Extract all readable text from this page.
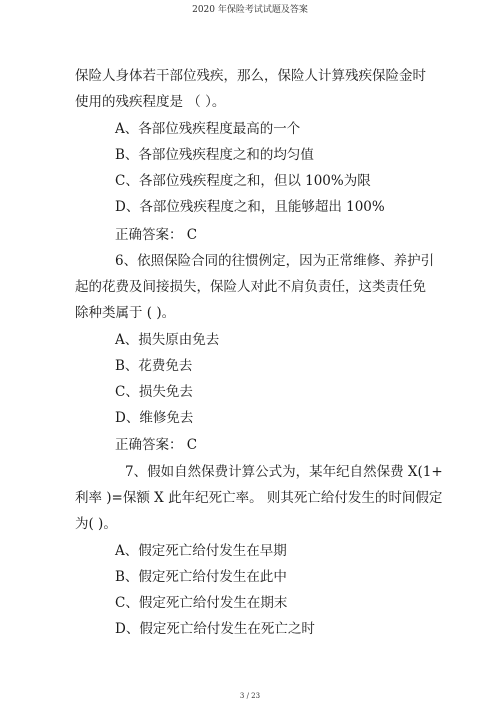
2020 年保险考试试题及答案
保险人身体若干部位残疾，那么，保险人计算残疾保险金时
使用的残疾程度是 （ ）。
A、各部位残疾程度最高的一个
B、各部位残疾程度之和的均匀值
C、各部位残疾程度之和，但以 100%为限
D、各部位残疾程度之和，且能够超出 100%
正确答案： C
6、依照保险合同的往惯例定，因为正常维修、养护引
起的花费及间接损失，保险人对此不肩负责任，这类责任免
除种类属于 ( )。
A、损失原由免去
B、花费免去
C、损失免去
D、维修免去
正确答案： C
7、假如自然保费计算公式为，某年纪自然保费 X(1+
利率 )=保额 X 此年纪死亡率。 则其死亡给付发生的时间假定
为( )。
A、假定死亡给付发生在早期
B、假定死亡给付发生在此中
C、假定死亡给付发生在期末
D、假定死亡给付发生在死亡之时
3 / 23
